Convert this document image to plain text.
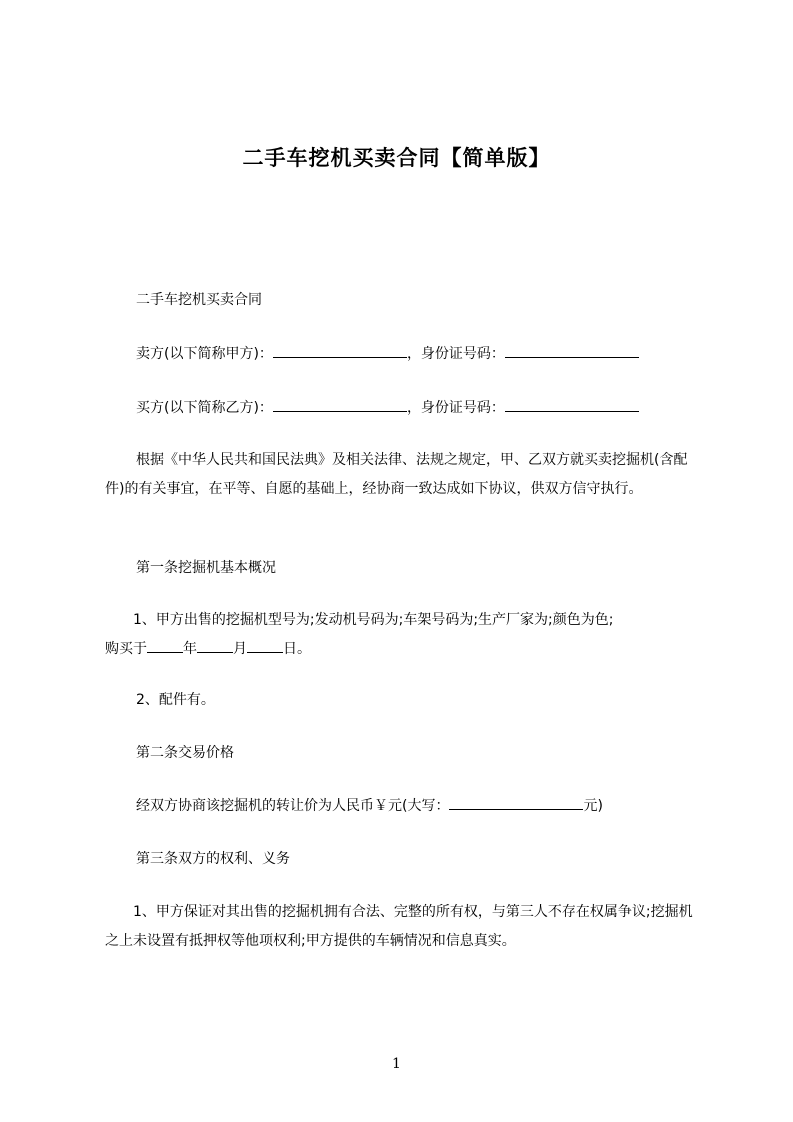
二手车挖机买卖合同【简单版】
二手车挖机买卖合同
卖方(以下简称甲方)：	，身份证号码：
买方(以下简称乙方)：	，身份证号码：
根据《中华人民共和国民法典》及相关法律、法规之规定，甲、乙双方就买卖挖掘机(含配件)的有关事宜，在平等、自愿的基础上，经协商一致达成如下协议，供双方信守执行。
第一条挖掘机基本概况
1、甲方出售的挖掘机型号为;发动机号码为;车架号码为;生产厂家为;颜色为色;
购买于	年	月	日。
2、配件有。
第二条交易价格
经双方协商该挖掘机的转让价为人民币￥元(大写：	元)
第三条双方的权利、义务
1、甲方保证对其出售的挖掘机拥有合法、完整的所有权，与第三人不存在权属争议;挖掘机之上未设置有抵押权等他项权利;甲方提供的车辆情况和信息真实。
1
